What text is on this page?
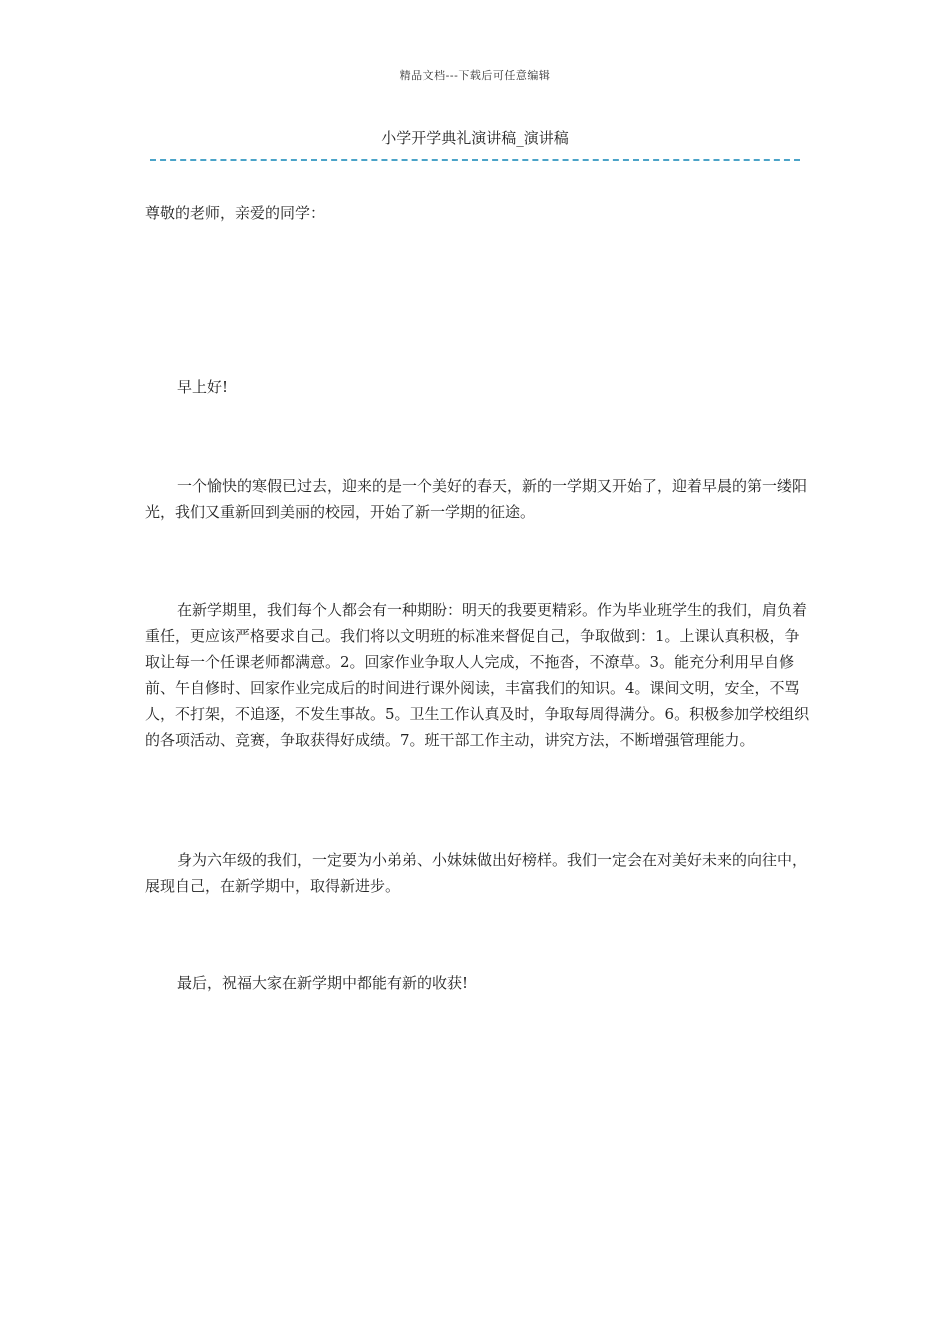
精品文档---下载后可任意编辑
小学开学典礼演讲稿_演讲稿

尊敬的老师，亲爱的同学：

早上好!

一个愉快的寒假已过去，迎来的是一个美好的春天，新的一学期又开始了，迎着早晨的第一缕阳光，我们又重新回到美丽的校园，开始了新一学期的征途。

在新学期里，我们每个人都会有一种期盼：明天的我要更精彩。作为毕业班学生的我们，肩负着重任，更应该严格要求自己。我们将以文明班的标准来督促自己，争取做到：1。上课认真积极，争取让每一个任课老师都满意。2。回家作业争取人人完成，不拖沓，不潦草。3。能充分利用早自修前、午自修时、回家作业完成后的时间进行课外阅读，丰富我们的知识。4。课间文明，安全，不骂人，不打架，不追逐，不发生事故。5。卫生工作认真及时，争取每周得满分。6。积极参加学校组织的各项活动、竞赛，争取获得好成绩。7。班干部工作主动，讲究方法，不断增强管理能力。

身为六年级的我们，一定要为小弟弟、小妹妹做出好榜样。我们一定会在对美好未来的向往中，展现自己，在新学期中，取得新进步。

最后，祝福大家在新学期中都能有新的收获!
